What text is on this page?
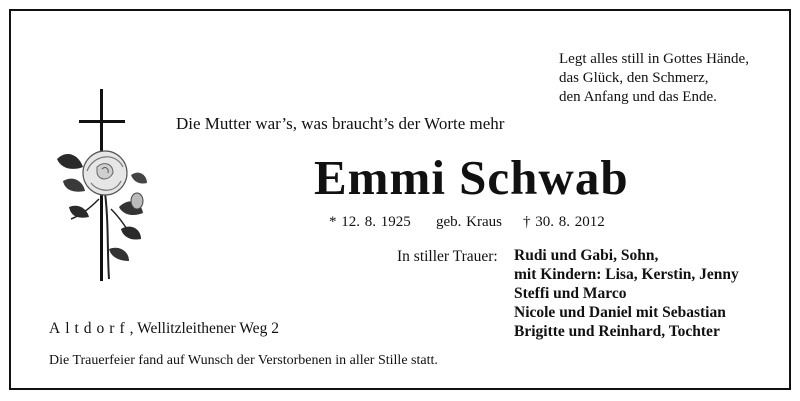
Legt alles still in Gottes Hände,
das Glück, den Schmerz,
den Anfang und das Ende.
Die Mutter war’s, was braucht’s der Worte mehr
Emmi Schwab
* 12. 8. 1925 geb. Kraus † 30. 8. 2012
In stiller Trauer: Rudi und Gabi, Sohn,
mit Kindern: Lisa, Kerstin, Jenny
Steffi und Marco
Nicole und Daniel mit Sebastian
Brigitte und Reinhard, Tochter
Altdorf, Wellitzleithener Weg 2
Die Trauerfeier fand auf Wunsch der Verstorbenen in aller Stille statt.
